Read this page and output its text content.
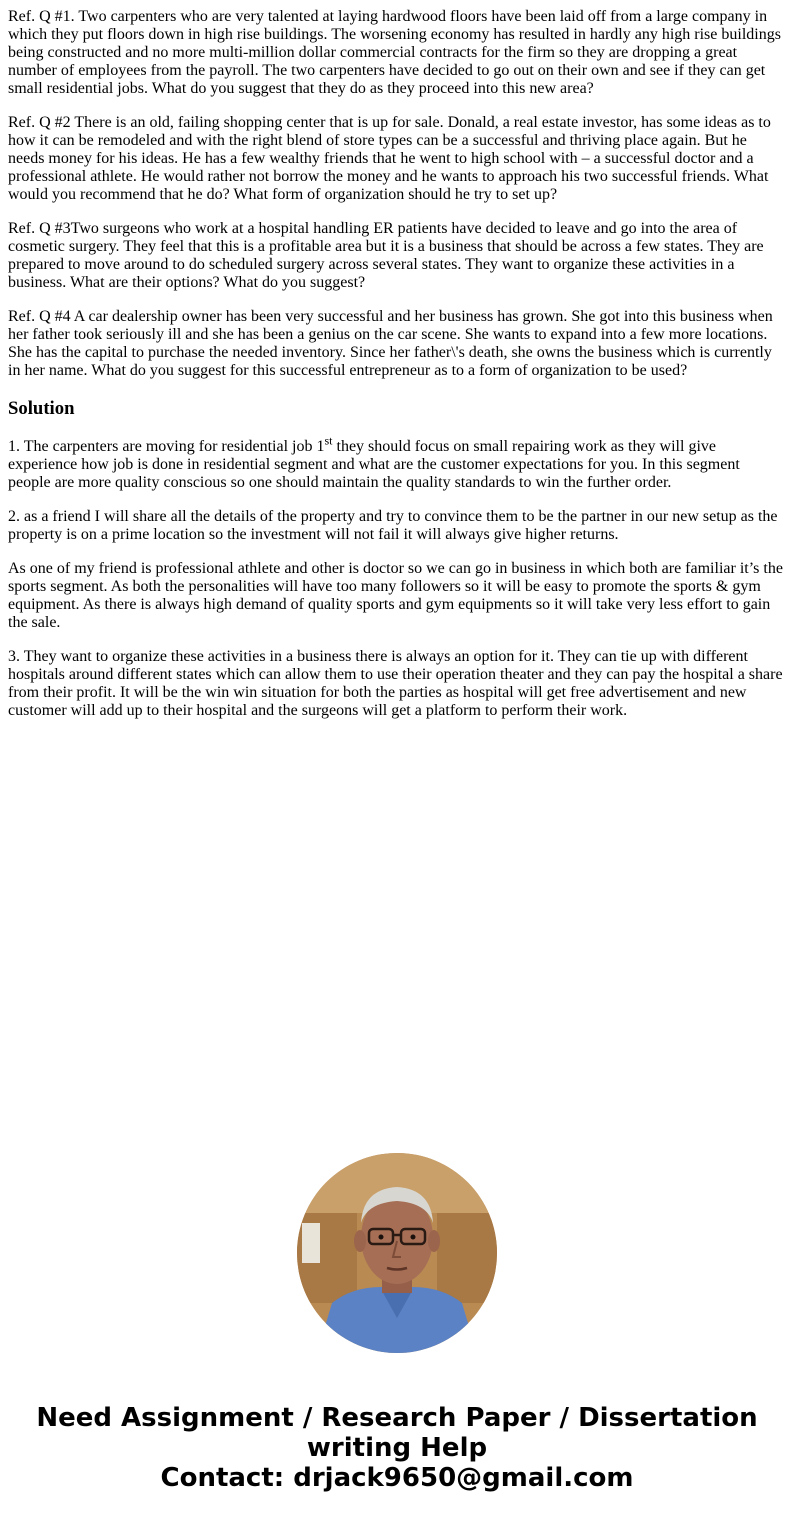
Ref. Q #1. Two carpenters who are very talented at laying hardwood floors have been laid off from a large company in which they put floors down in high rise buildings. The worsening economy has resulted in hardly any high rise buildings being constructed and no more multi-million dollar commercial contracts for the firm so they are dropping a great number of employees from the payroll. The two carpenters have decided to go out on their own and see if they can get small residential jobs. What do you suggest that they do as they proceed into this new area?

Ref. Q #2 There is an old, failing shopping center that is up for sale. Donald, a real estate investor, has some ideas as to how it can be remodeled and with the right blend of store types can be a successful and thriving place again. But he needs money for his ideas. He has a few wealthy friends that he went to high school with – a successful doctor and a professional athlete. He would rather not borrow the money and he wants to approach his two successful friends. What would you recommend that he do? What form of organization should he try to set up?

Ref. Q #3Two surgeons who work at a hospital handling ER patients have decided to leave and go into the area of cosmetic surgery. They feel that this is a profitable area but it is a business that should be across a few states. They are prepared to move around to do scheduled surgery across several states. They want to organize these activities in a business. What are their options? What do you suggest?

Ref. Q #4 A car dealership owner has been very successful and her business has grown. She got into this business when her father took seriously ill and she has been a genius on the car scene. She wants to expand into a few more locations. She has the capital to purchase the needed inventory. Since her father\'s death, she owns the business which is currently in her name. What do you suggest for this successful entrepreneur as to a form of organization to be used?

Solution

1. The carpenters are moving for residential job 1st they should focus on small repairing work as they will give experience how job is done in residential segment and what are the customer expectations for you. In this segment people are more quality conscious so one should maintain the quality standards to win the further order.

2. as a friend I will share all the details of the property and try to convince them to be the partner in our new setup as the property is on a prime location so the investment will not fail it will always give higher returns.

As one of my friend is professional athlete and other is doctor so we can go in business in which both are familiar it’s the sports segment. As both the personalities will have too many followers so it will be easy to promote the sports & gym equipment. As there is always high demand of quality sports and gym equipments so it will take very less effort to gain the sale.

3. They want to organize these activities in a business there is always an option for it. They can tie up with different hospitals around different states which can allow them to use their operation theater and they can pay the hospital a share from their profit. It will be the win win situation for both the parties as hospital will get free advertisement and new customer will add up to their hospital and the surgeons will get a platform to perform their work.

Need Assignment / Research Paper / Dissertation
writing Help
Contact: drjack9650@gmail.com
